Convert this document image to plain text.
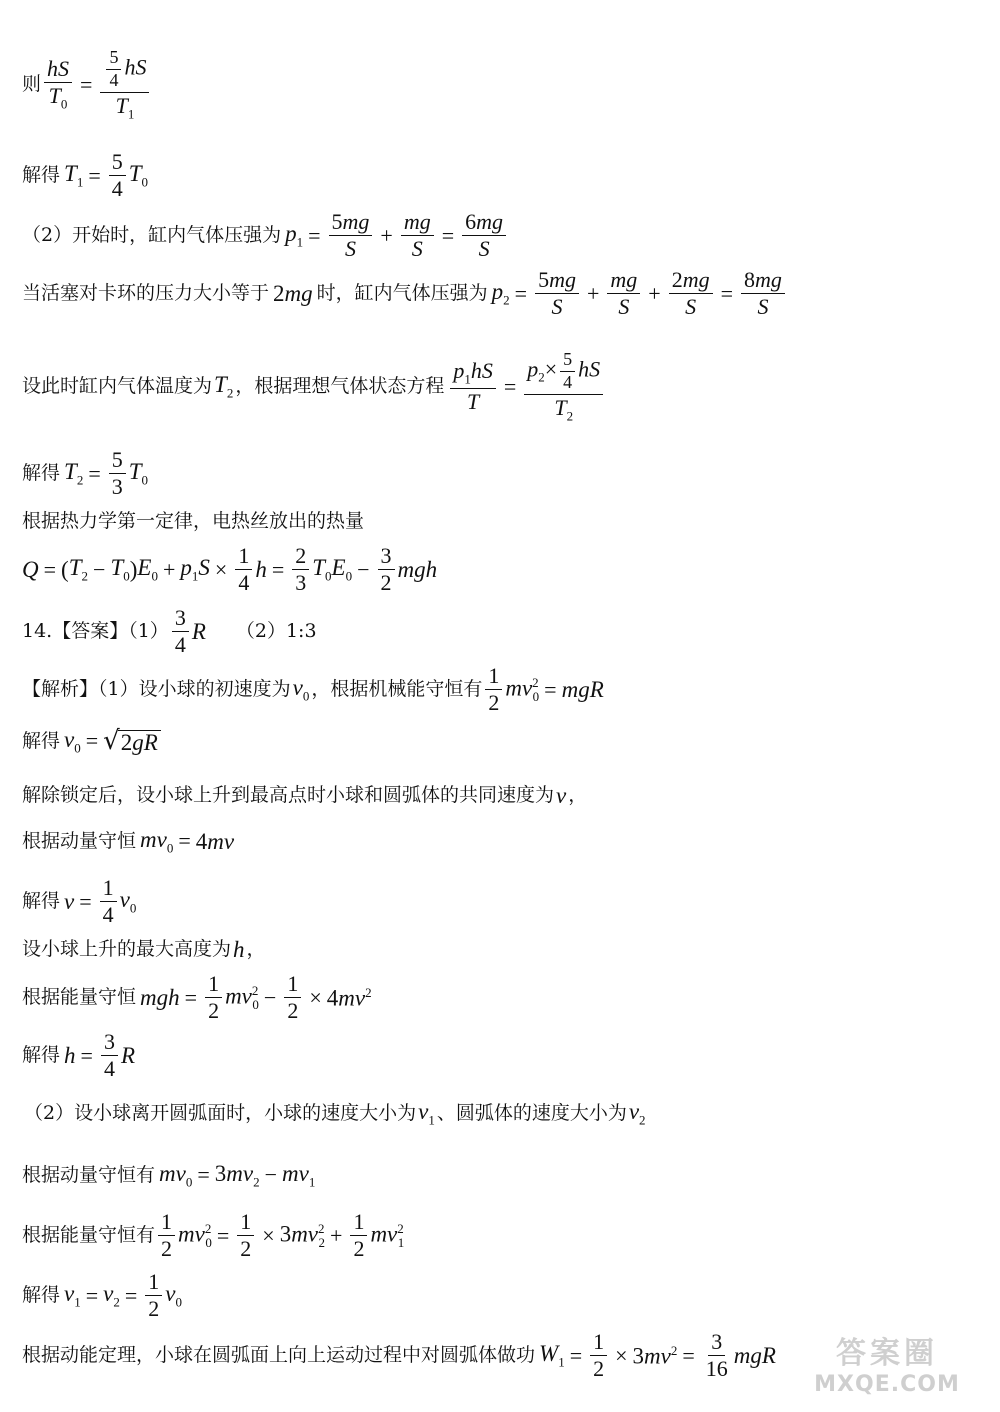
则 $\frac{hS}{T_0} = \frac{\frac{5}{4} hS}{T_1}$
解得 $T_1 = \frac{5}{4} T_0$
（2）开始时，缸内气体压强为 $p_1 = \frac{5mg}{S} + \frac{mg}{S} = \frac{6mg}{S}$
当活塞对卡环的压力大小等于 2mg 时，缸内气体压强为 $p_2 = \frac{5mg}{S} + \frac{mg}{S} + \frac{2mg}{S} = \frac{8mg}{S}$
设此时缸内气体温度为 $T_2$ ，根据理想气体状态方程 $\frac{p_1hS}{T} = \frac{p_2\times \frac{5}{4} hS}{T_2}$
解得 $T_2 = \frac{5}{3} T_0$
根据热力学第一定律，电热丝放出的热量
Q = ( $T_2 - T_0$ ) $E_0 + p_1S \times \frac{1}{4}$ $h = \frac{2}{3} T_0E_0 - \frac{3}{2}$ mgh
14.【答案】$(1) \frac{3}{4}$ R （2）1:3
【解析】（1）设小球的初速度为 $v_0$ ，根据机械能守恒有 $\frac{1}{2} mv^2_0$ = mgR
解得 $v_0$ = √ 2gR
解除锁定后，设小球上升到最高点时小球和圆弧体的共同速度为 v ，
根据动量守恒 $mv_0 = 4mv$
解得 $v = \frac{1}{4} v_0$
设小球上升的最大高度为 h ，
根据能量守恒 mgh = $\frac{1}{2} mv^2_0 - \frac{1}{2} \times 4mv^2$
解得 $h = \frac{3}{4}$ R
（2）设小球离开圆弧面时，小球的速度大小为 $v_1$ 、圆弧体的速度大小为 $v_2$
根据动量守恒有 $mv_0 = 3mv_2 - mv_1$
根据能量守恒有 $\frac{1}{2} mv^2_0 = \frac{1}{2} \times 3mv^2_2 + \frac{1}{2} mv^2_1$
解得 $v_1 = v_2 = \frac{1}{2} v_0$
根据动能定理，小球在圆弧面上向上运动过程中对圆弧体做功 $W_1 = \frac{1}{2} \times 3mv^2 = \frac{3}{16}$ mgR	答案圈
MXQE.COM
